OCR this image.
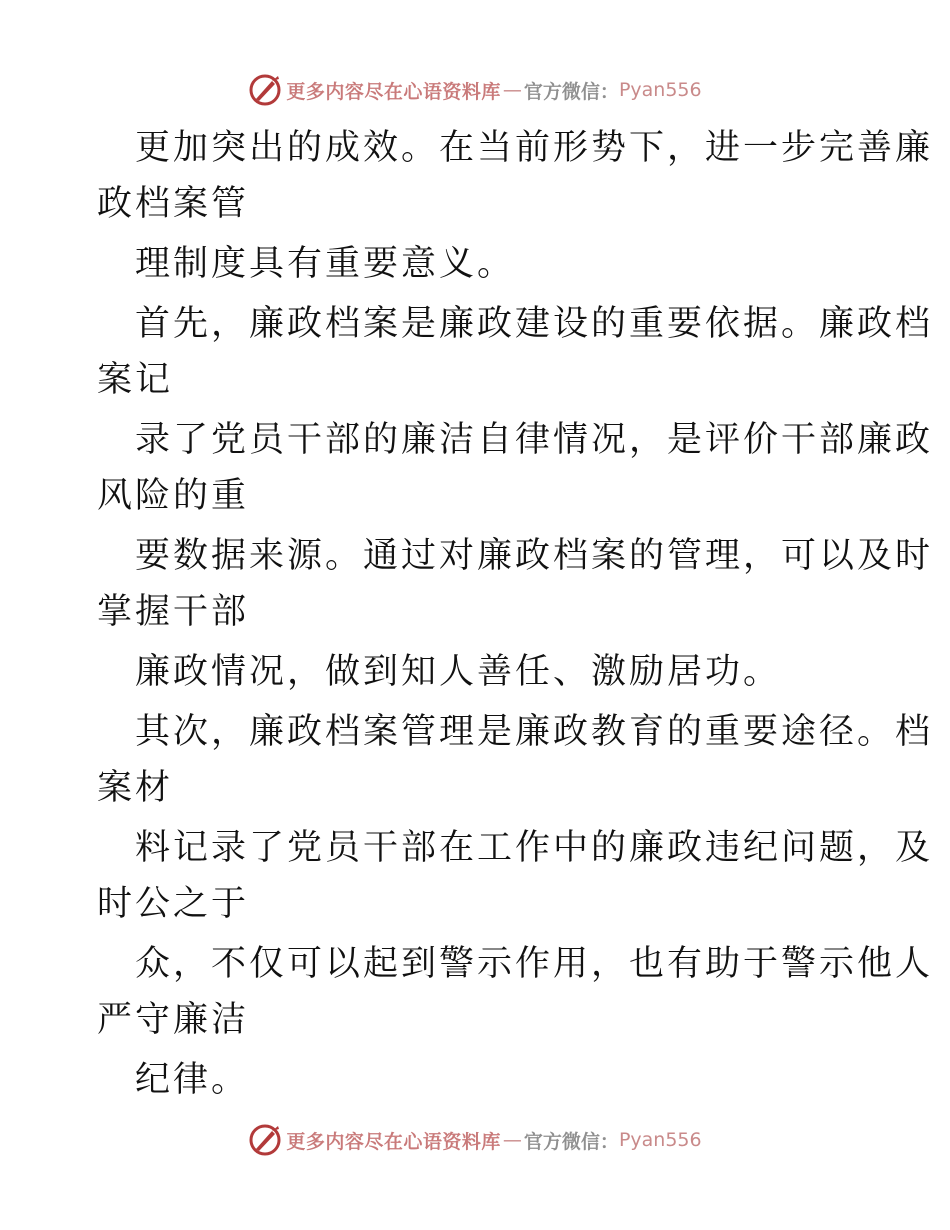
更多内容尽在心语资料库 — 官方微信： Pyan556
更加突出的成效。在当前形势下，进一步完善廉
政档案管
理制度具有重要意义。
首先，廉政档案是廉政建设的重要依据。廉政档
案记
录了党员干部的廉洁自律情况，是评价干部廉政
风险的重
要数据来源。通过对廉政档案的管理，可以及时
掌握干部
廉政情况，做到知人善任、激励居功。
其次，廉政档案管理是廉政教育的重要途径。档
案材
料记录了党员干部在工作中的廉政违纪问题，及
时公之于
众，不仅可以起到警示作用，也有助于警示他人
严守廉洁
纪律。
更多内容尽在心语资料库 — 官方微信： Pyan556
